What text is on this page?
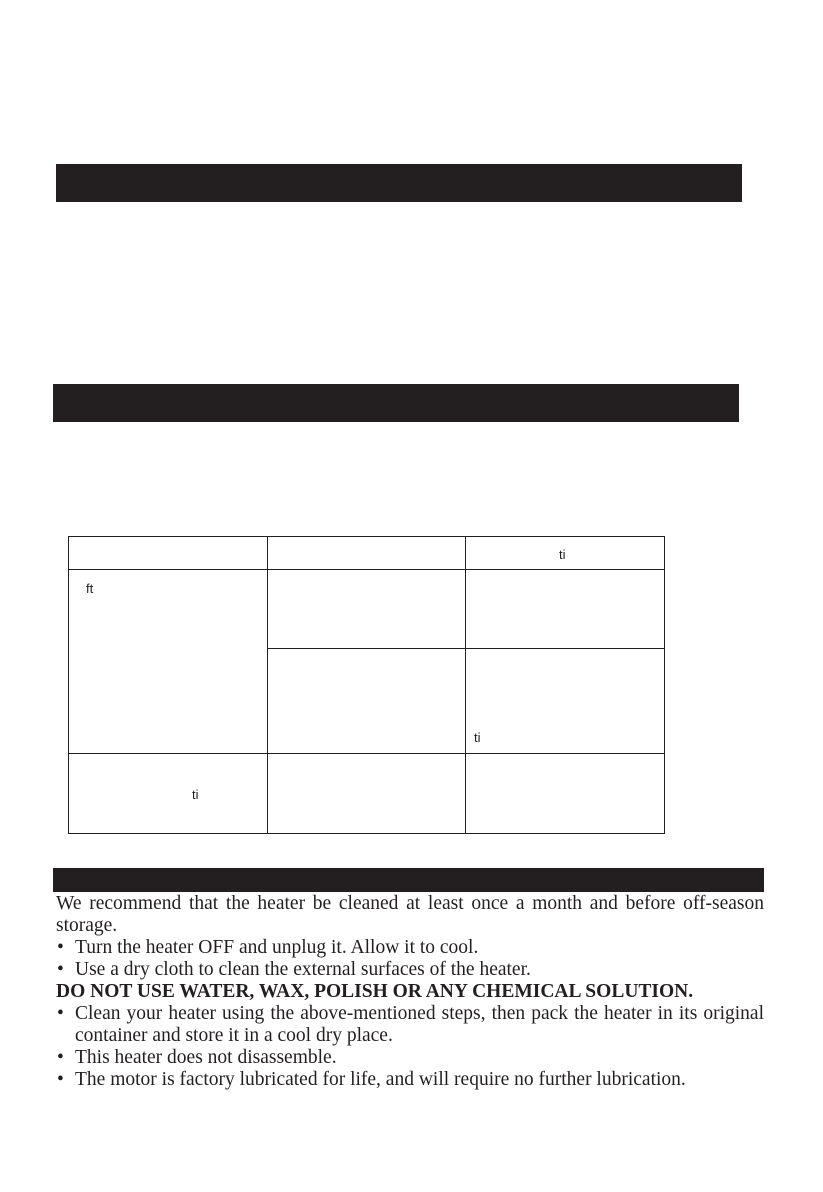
		ti

ft		

		ti

ti		

We recommend that the heater be cleaned at least once a month and before off-season storage.

• Turn the heater OFF and unplug it. Allow it to cool.
• Use a dry cloth to clean the external surfaces of the heater.

DO NOT USE WATER, WAX, POLISH OR ANY CHEMICAL SOLUTION.

• Clean your heater using the above-mentioned steps, then pack the heater in its original container and store it in a cool dry place.
• This heater does not disassemble.
• The motor is factory lubricated for life, and will require no further lubrication.
